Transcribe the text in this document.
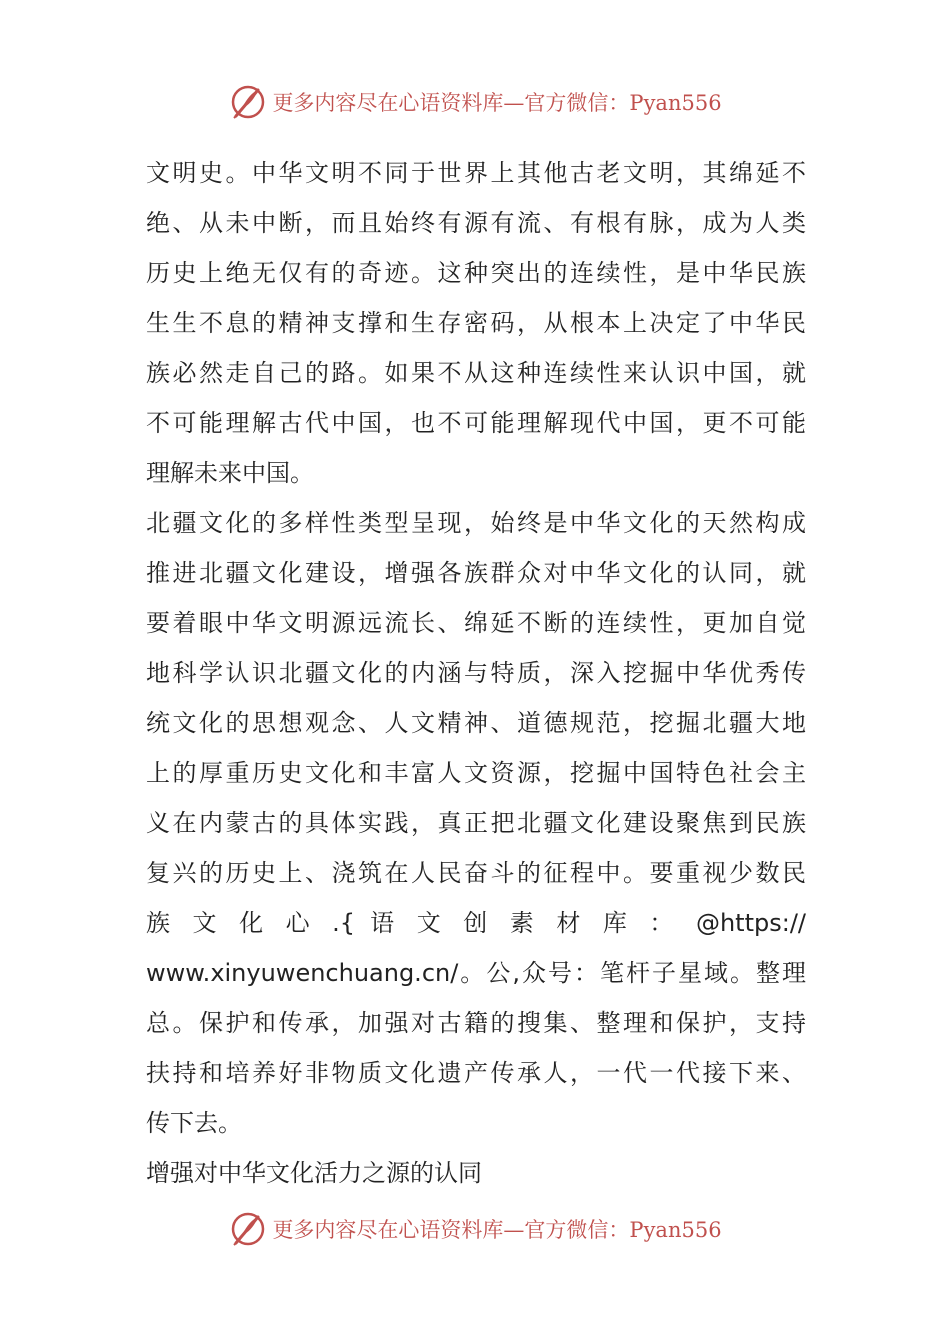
更多内容尽在心语资料库—官方微信：Pyan556
文明史。中华文明不同于世界上其他古老文明，其绵延不
绝、从未中断，而且始终有源有流、有根有脉，成为人类
历史上绝无仅有的奇迹。这种突出的连续性，是中华民族
生生不息的精神支撑和生存密码，从根本上决定了中华民
族必然走自己的路。如果不从这种连续性来认识中国，就
不可能理解古代中国，也不可能理解现代中国，更不可能
理解未来中国。
北疆文化的多样性类型呈现，始终是中华文化的天然构成
推进北疆文化建设，增强各族群众对中华文化的认同，就
要着眼中华文明源远流长、绵延不断的连续性，更加自觉
地科学认识北疆文化的内涵与特质，深入挖掘中华优秀传
统文化的思想观念、人文精神、道德规范，挖掘北疆大地
上的厚重历史文化和丰富人文资源，挖掘中国特色社会主
义在内蒙古的具体实践，真正把北疆文化建设聚焦到民族
复兴的历史上、浇筑在人民奋斗的征程中。要重视少数民
族 文 化 心 .{ 语 文 创 素 材 库 ： @https://
www.xinyuwenchuang.cn/。公,众号：笔杆子星域。整理
总。保护和传承，加强对古籍的搜集、整理和保护，支持
扶持和培养好非物质文化遗产传承人，一代一代接下来、
传下去。
增强对中华文化活力之源的认同
更多内容尽在心语资料库—官方微信：Pyan556
